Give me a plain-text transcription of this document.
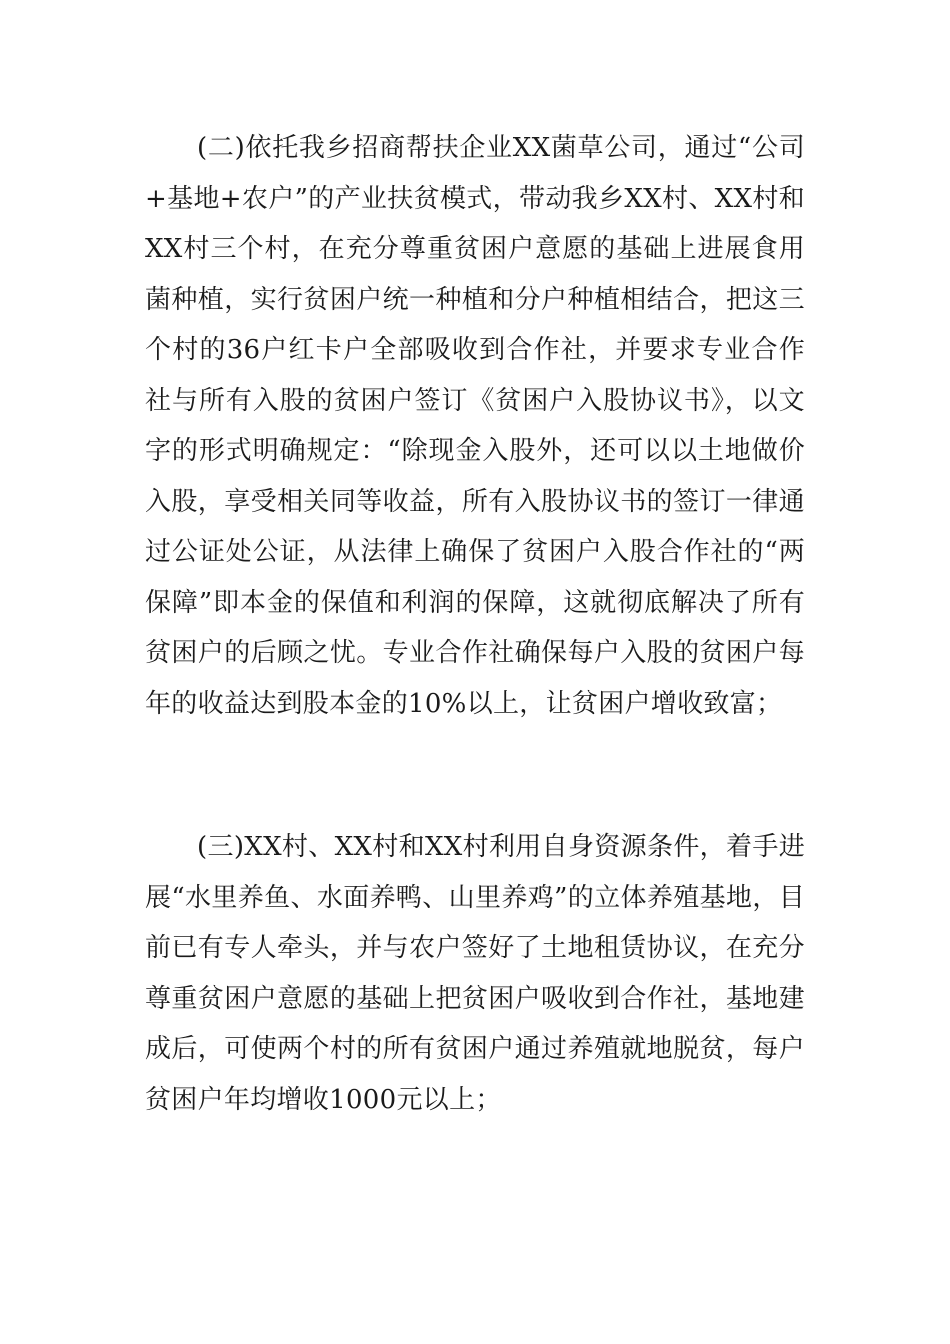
(二)依托我乡招商帮扶企业XX菌草公司，通过“公司+基地+农户”的产业扶贫模式，带动我乡XX村、XX村和XX村三个村，在充分尊重贫困户意愿的基础上进展食用菌种植，实行贫困户统一种植和分户种植相结合，把这三个村的36户红卡户全部吸收到合作社，并要求专业合作社与所有入股的贫困户签订《贫困户入股协议书》，以文字的形式明确规定：“除现金入股外，还可以以土地做价入股，享受相关同等收益，所有入股协议书的签订一律通过公证处公证，从法律上确保了贫困户入股合作社的“两保障”即本金的保值和利润的保障，这就彻底解决了所有贫困户的后顾之忧。专业合作社确保每户入股的贫困户每年的收益达到股本金的10%以上，让贫困户增收致富；

(三)XX村、XX村和XX村利用自身资源条件，着手进展“水里养鱼、水面养鸭、山里养鸡”的立体养殖基地，目前已有专人牵头，并与农户签好了土地租赁协议，在充分尊重贫困户意愿的基础上把贫困户吸收到合作社，基地建成后，可使两个村的所有贫困户通过养殖就地脱贫，每户贫困户年均增收1000元以上；
